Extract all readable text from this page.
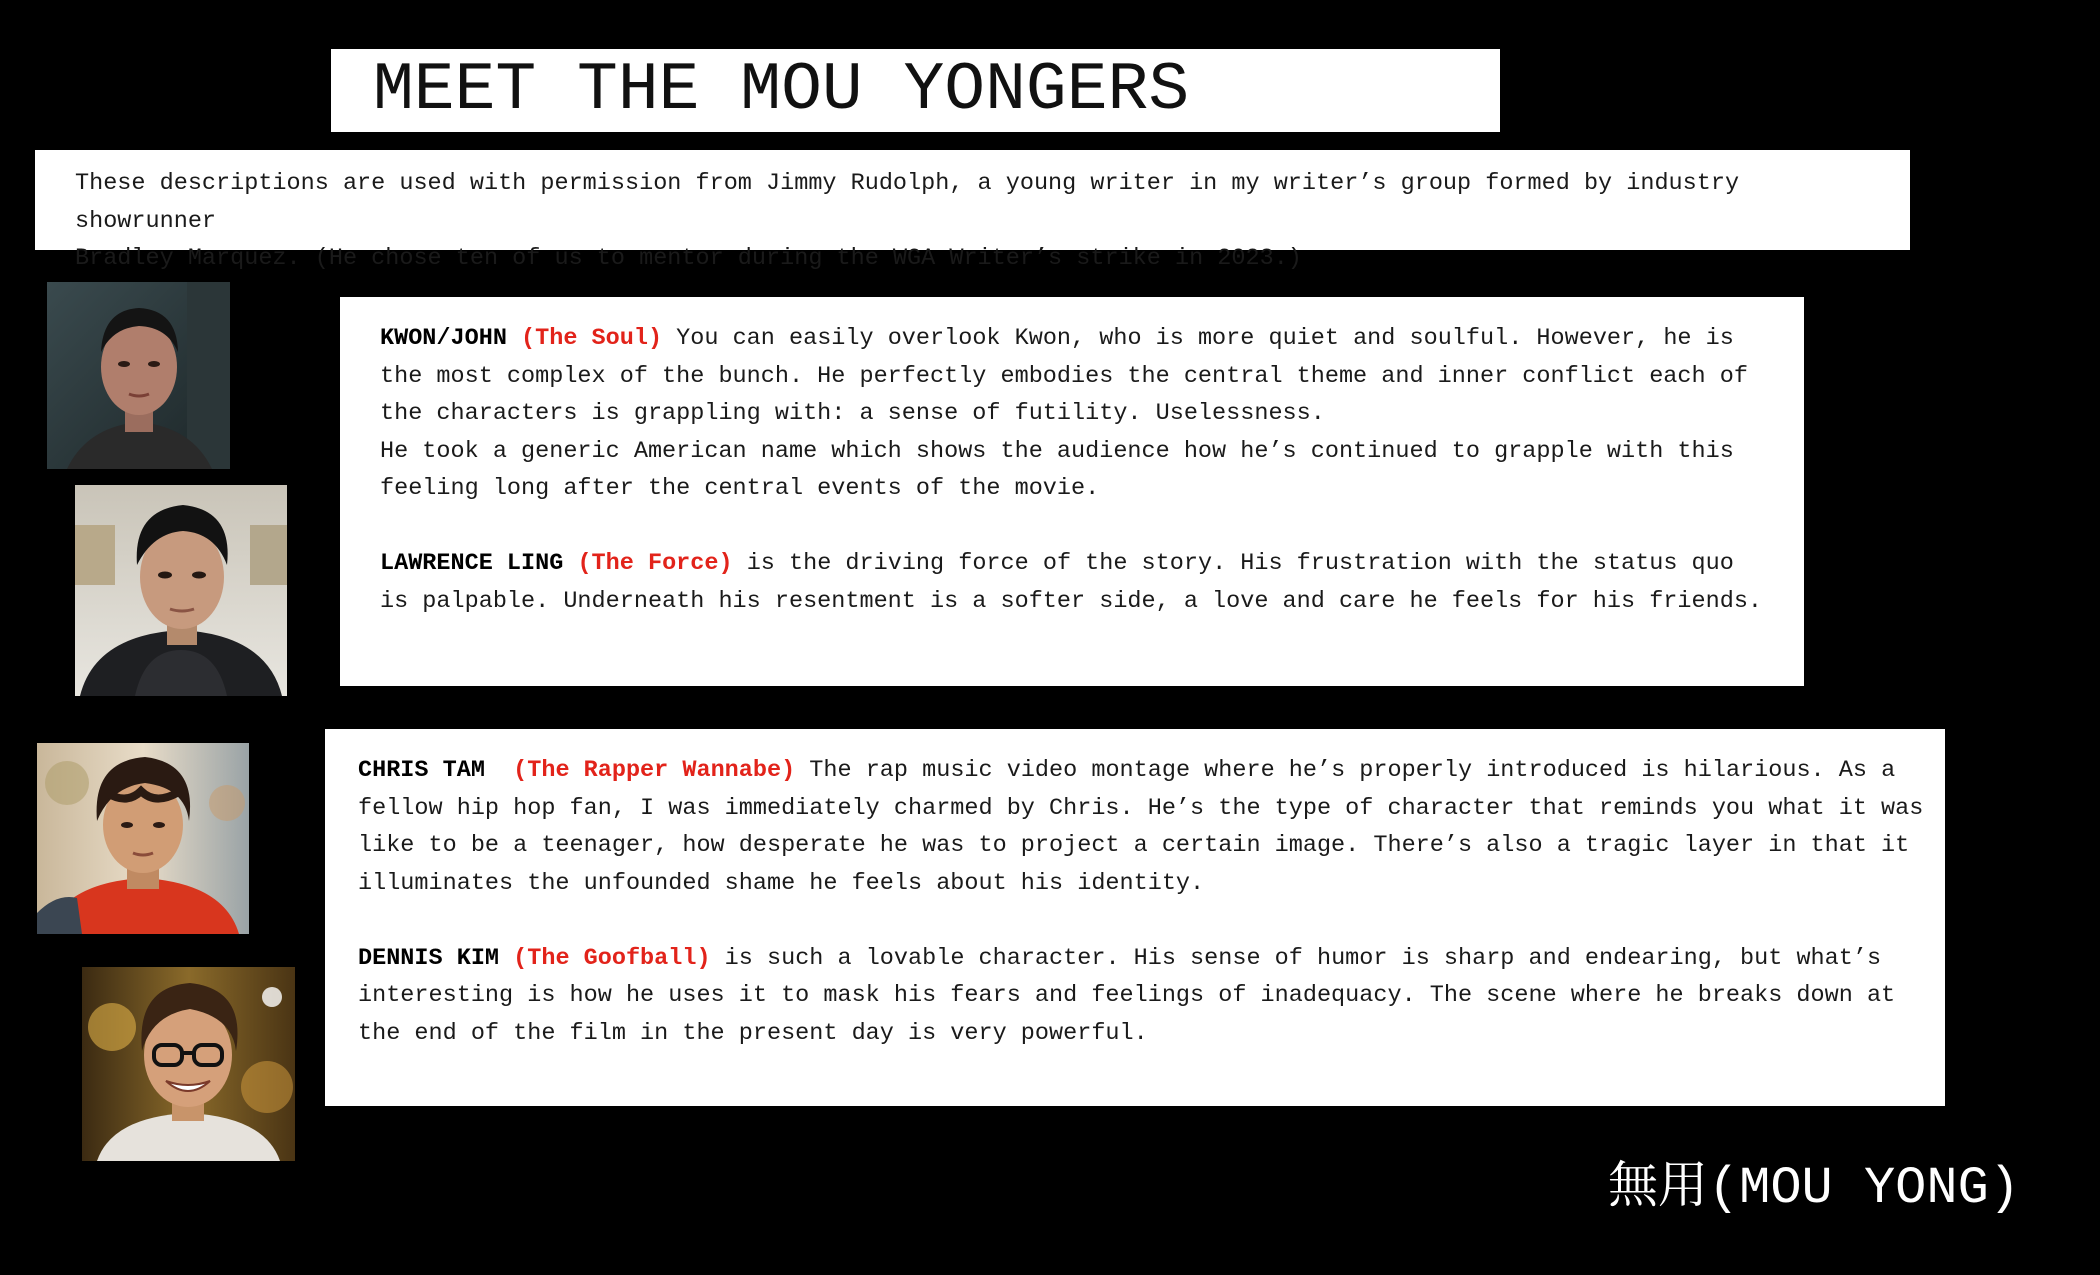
MEET THE MOU YONGERS

These descriptions are used with permission from Jimmy Rudolph, a young writer in my writer’s group formed by industry showrunner
Bradley Marquez. (He chose ten of us to mentor during the WGA Writer’s strike in 2023.)

KWON/JOHN (The Soul) You can easily overlook Kwon, who is more quiet and soulful. However, he is the most complex of the bunch. He perfectly embodies the central theme and inner conflict each of the characters is grappling with: a sense of futility. Uselessness.
He took a generic American name which shows the audience how he’s continued to grapple with this feeling long after the central events of the movie.

LAWRENCE LING (The Force) is the driving force of the story. His frustration with the status quo is palpable. Underneath his resentment is a softer side, a love and care he feels for his friends.

CHRIS TAM (The Rapper Wannabe) The rap music video montage where he’s properly introduced is hilarious. As a fellow hip hop fan, I was immediately charmed by Chris. He’s the type of character that reminds you what it was like to be a teenager, how desperate he was to project a certain image. There’s also a tragic layer in that it illuminates the unfounded shame he feels about his identity.

DENNIS KIM (The Goofball) is such a lovable character. His sense of humor is sharp and endearing, but what’s interesting is how he uses it to mask his fears and feelings of inadequacy. The scene where he breaks down at the end of the film in the present day is very powerful.

無用(MOU YONG)
